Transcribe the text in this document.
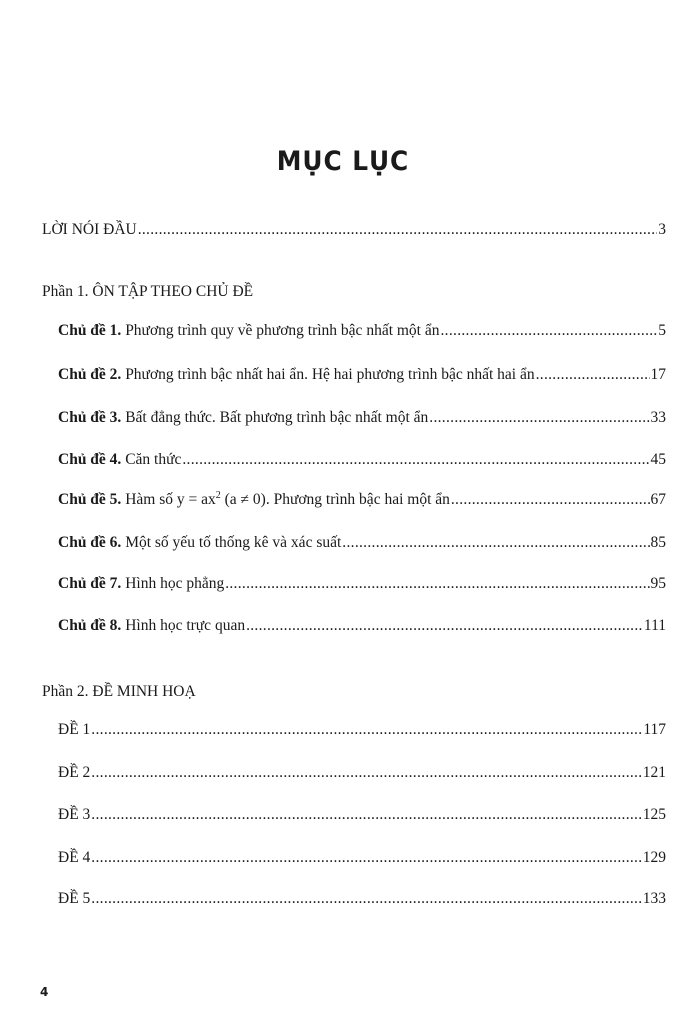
MỤC LỤC
LỜI NÓI ĐẦU .....	3
Phần 1. ÔN TẬP THEO CHỦ ĐỀ
Chủ đề 1. Phương trình quy về phương trình bậc nhất một ẩn .....	5
Chủ đề 2. Phương trình bậc nhất hai ẩn. Hệ hai phương trình bậc nhất hai ẩn .....	17
Chủ đề 3. Bất đẳng thức. Bất phương trình bậc nhất một ẩn .....	33
Chủ đề 4. Căn thức .....	45
Chủ đề 5. Hàm số $y = ax^2$ (a ≠ 0). Phương trình bậc hai một ẩn .....	67
Chủ đề 6. Một số yếu tố thống kê và xác suất .....	85
Chủ đề 7. Hình học phẳng .....	95
Chủ đề 8. Hình học trực quan .....	111
Phần 2. ĐỀ MINH HOẠ
ĐỀ 1 .....	117
ĐỀ 2 .....	121
ĐỀ 3 .....	125
ĐỀ 4 .....	129
ĐỀ 5 .....	133
4
